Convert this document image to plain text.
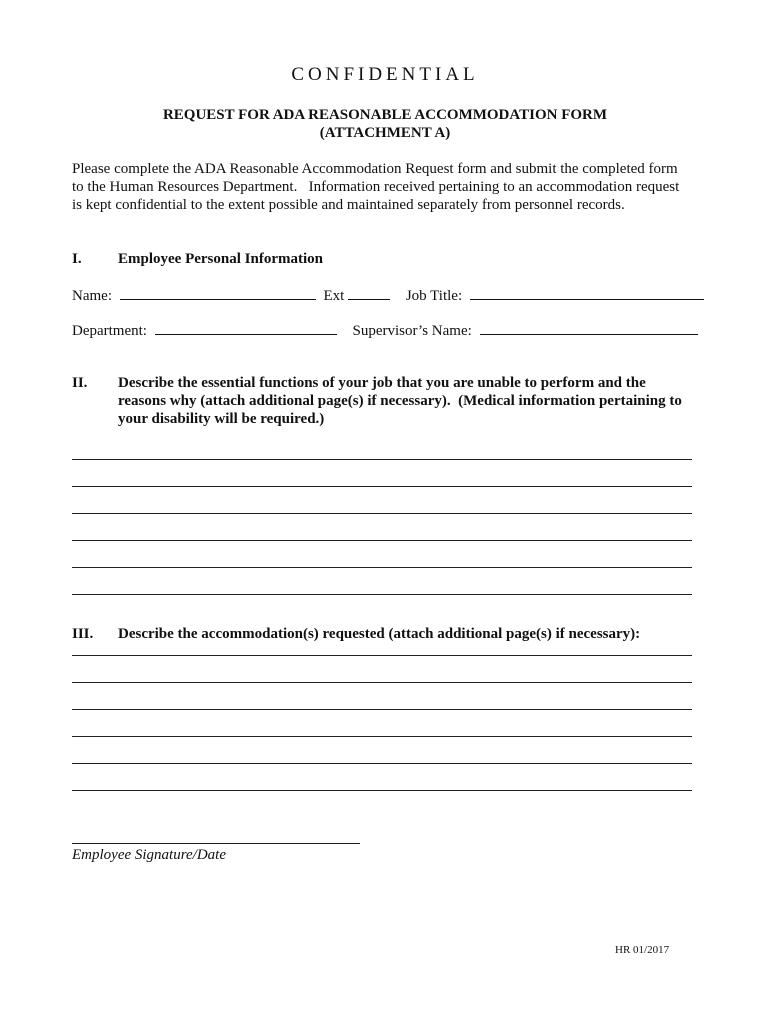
CONFIDENTIAL
REQUEST FOR ADA REASONABLE ACCOMMODATION FORM
(ATTACHMENT A)
Please complete the ADA Reasonable Accommodation Request form and submit the completed form
to the Human Resources Department.   Information received pertaining to an accommodation request
is kept confidential to the extent possible and maintained separately from personnel records.
I. Employee Personal Information
Name:	Ext	Job Title:
Department:	Supervisor’s Name:
II. Describe the essential functions of your job that you are unable to perform and the
reasons why (attach additional page(s) if necessary).  (Medical information pertaining to
your disability will be required.)
III. Describe the accommodation(s) requested (attach additional page(s) if necessary):
Employee Signature/Date
HR 01/2017
